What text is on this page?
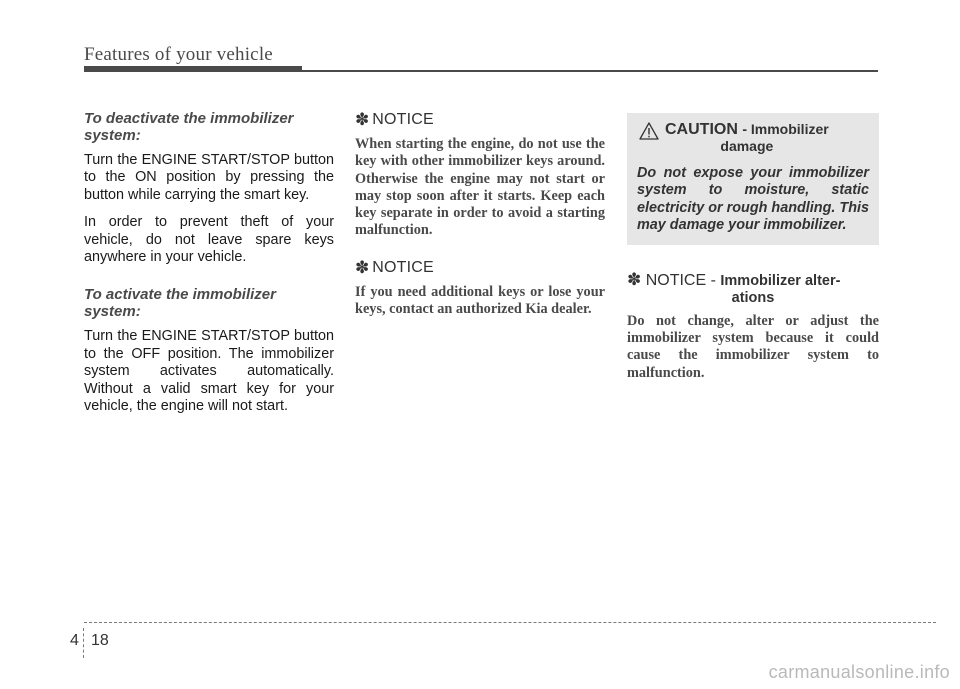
Features of your vehicle

To deactivate the immobilizer system:

Turn the ENGINE START/STOP button to the ON position by pressing the button while carrying the smart key.

In order to prevent theft of your vehicle, do not leave spare keys anywhere in your vehicle.

To activate the immobilizer system:

Turn the ENGINE START/STOP button to the OFF position. The immobilizer system activates automatically. Without a valid smart key for your vehicle, the engine will not start.

✽ NOTICE

When starting the engine, do not use the key with other immobilizer keys around. Otherwise the engine may not start or may stop soon after it starts. Keep each key separate in order to avoid a starting malfunction.

✽ NOTICE

If you need additional keys or lose your keys, contact an authorized Kia dealer.

CAUTION - Immobilizer
damage

Do not expose your immobilizer system to moisture, static electricity or rough handling. This may damage your immobilizer.

✽ NOTICE - Immobilizer alter-
ations

Do not change, alter or adjust the immobilizer system because it could cause the immobilizer system to malfunction.

4 18
carmanualsonline.info
